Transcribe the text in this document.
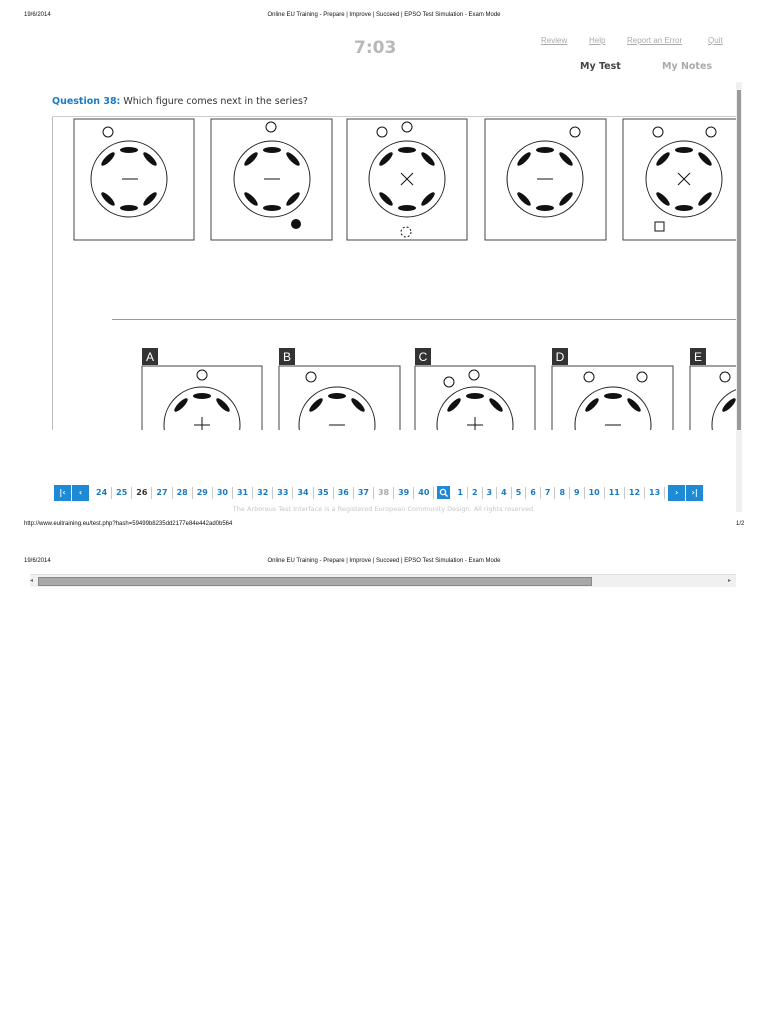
19/6/2014	Online EU Training - Prepare | Improve | Succeed | EPSO Test Simulation - Exam Mode
7:03	Review	Help	Report an Error	Quit
My Test	My Notes
Question 38: Which figure comes next in the series?
A	B	C	D	E
|‹ ‹	24	25	26	27	28	29	30	31	32	33	34	35	36	37	38	39	40	1	2	3	4	5	6	7	8	9	10	11	12	13	› ›|
The Arboreus Test Interface is a Registered European Community Design. All rights reserved.
http://www.euitraining.eu/test.php?hash=59499b8235dd2177e84e442ad0b564	1/2
19/6/2014	Online EU Training - Prepare | Improve | Succeed | EPSO Test Simulation - Exam Mode
◂	▸
